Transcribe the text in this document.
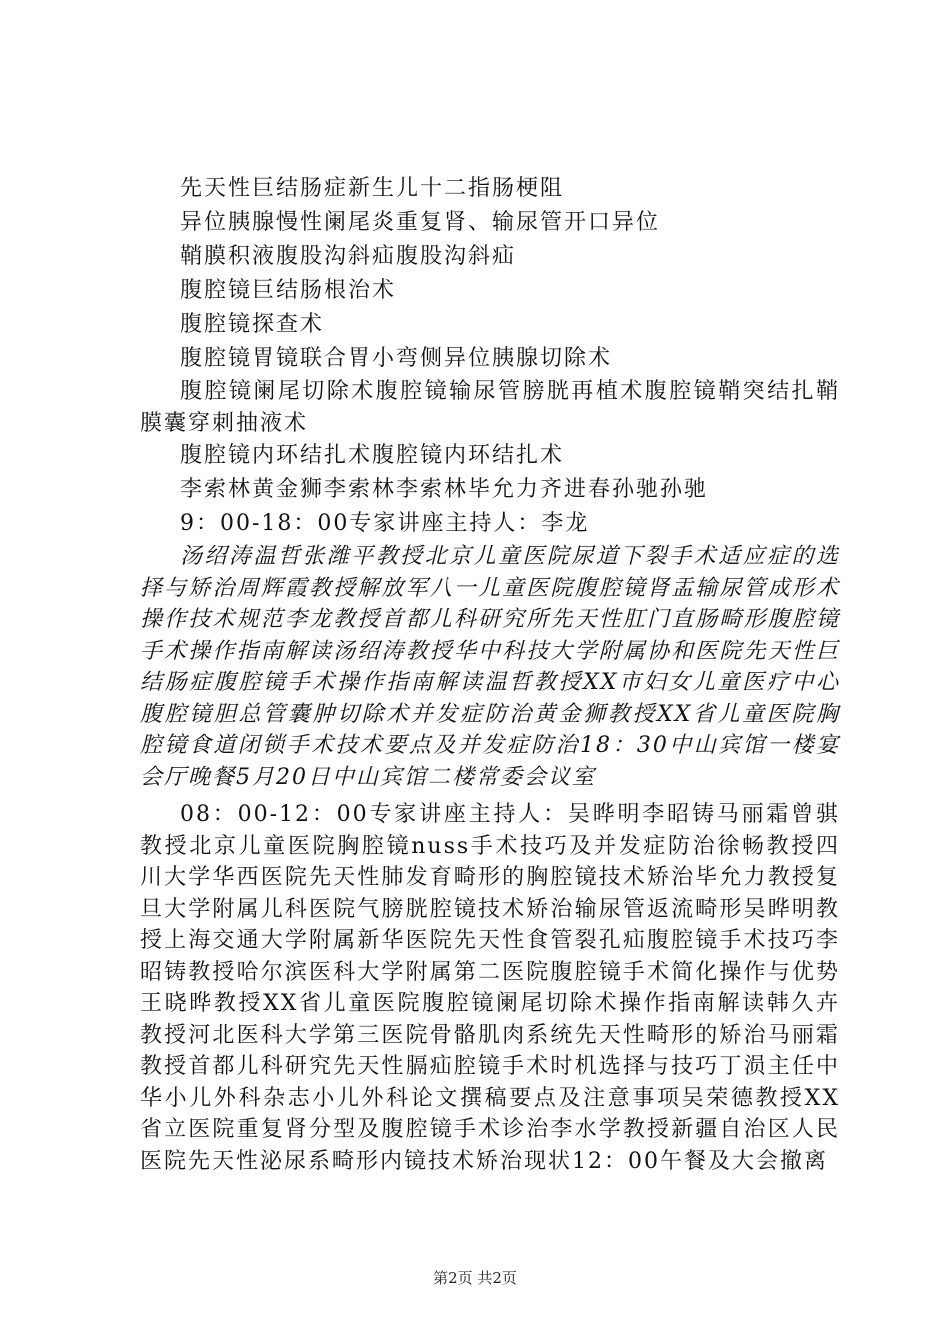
先天性巨结肠症新生儿十二指肠梗阻
异位胰腺慢性阑尾炎重复肾、输尿管开口异位
鞘膜积液腹股沟斜疝腹股沟斜疝
腹腔镜巨结肠根治术
腹腔镜探查术
腹腔镜胃镜联合胃小弯侧异位胰腺切除术

腹腔镜阑尾切除术腹腔镜输尿管膀胱再植术腹腔镜鞘突结扎鞘膜囊穿刺抽液术

腹腔镜内环结扎术腹腔镜内环结扎术
李索林黄金狮李索林李索林毕允力齐进春孙驰孙驰
9：00-18：00专家讲座主持人：李龙

汤绍涛温哲张潍平教授北京儿童医院尿道下裂手术适应症的选择与矫治周辉霞教授解放军八一儿童医院腹腔镜肾盂输尿管成形术操作技术规范李龙教授首都儿科研究所先天性肛门直肠畸形腹腔镜手术操作指南解读汤绍涛教授华中科技大学附属协和医院先天性巨结肠症腹腔镜手术操作指南解读温哲教授XX市妇女儿童医疗中心腹腔镜胆总管囊肿切除术并发症防治黄金狮教授XX省儿童医院胸腔镜食道闭锁手术技术要点及并发症防治18：30中山宾馆一楼宴会厅晚餐5月20日中山宾馆二楼常委会议室

08：00-12：00专家讲座主持人：吴晔明李昭铸马丽霜曾骐教授北京儿童医院胸腔镜nuss手术技巧及并发症防治徐畅教授四川大学华西医院先天性肺发育畸形的胸腔镜技术矫治毕允力教授复旦大学附属儿科医院气膀胱腔镜技术矫治输尿管返流畸形吴晔明教授上海交通大学附属新华医院先天性食管裂孔疝腹腔镜手术技巧李昭铸教授哈尔滨医科大学附属第二医院腹腔镜手术简化操作与优势王晓晔教授XX省儿童医院腹腔镜阑尾切除术操作指南解读韩久卉教授河北医科大学第三医院骨骼肌肉系统先天性畸形的矫治马丽霜教授首都儿科研究先天性膈疝腔镜手术时机选择与技巧丁涢主任中华小儿外科杂志小儿外科论文撰稿要点及注意事项吴荣德教授XX省立医院重复肾分型及腹腔镜手术诊治李水学教授新疆自治区人民医院先天性泌尿系畸形内镜技术矫治现状12：00午餐及大会撤离

第2页 共2页
